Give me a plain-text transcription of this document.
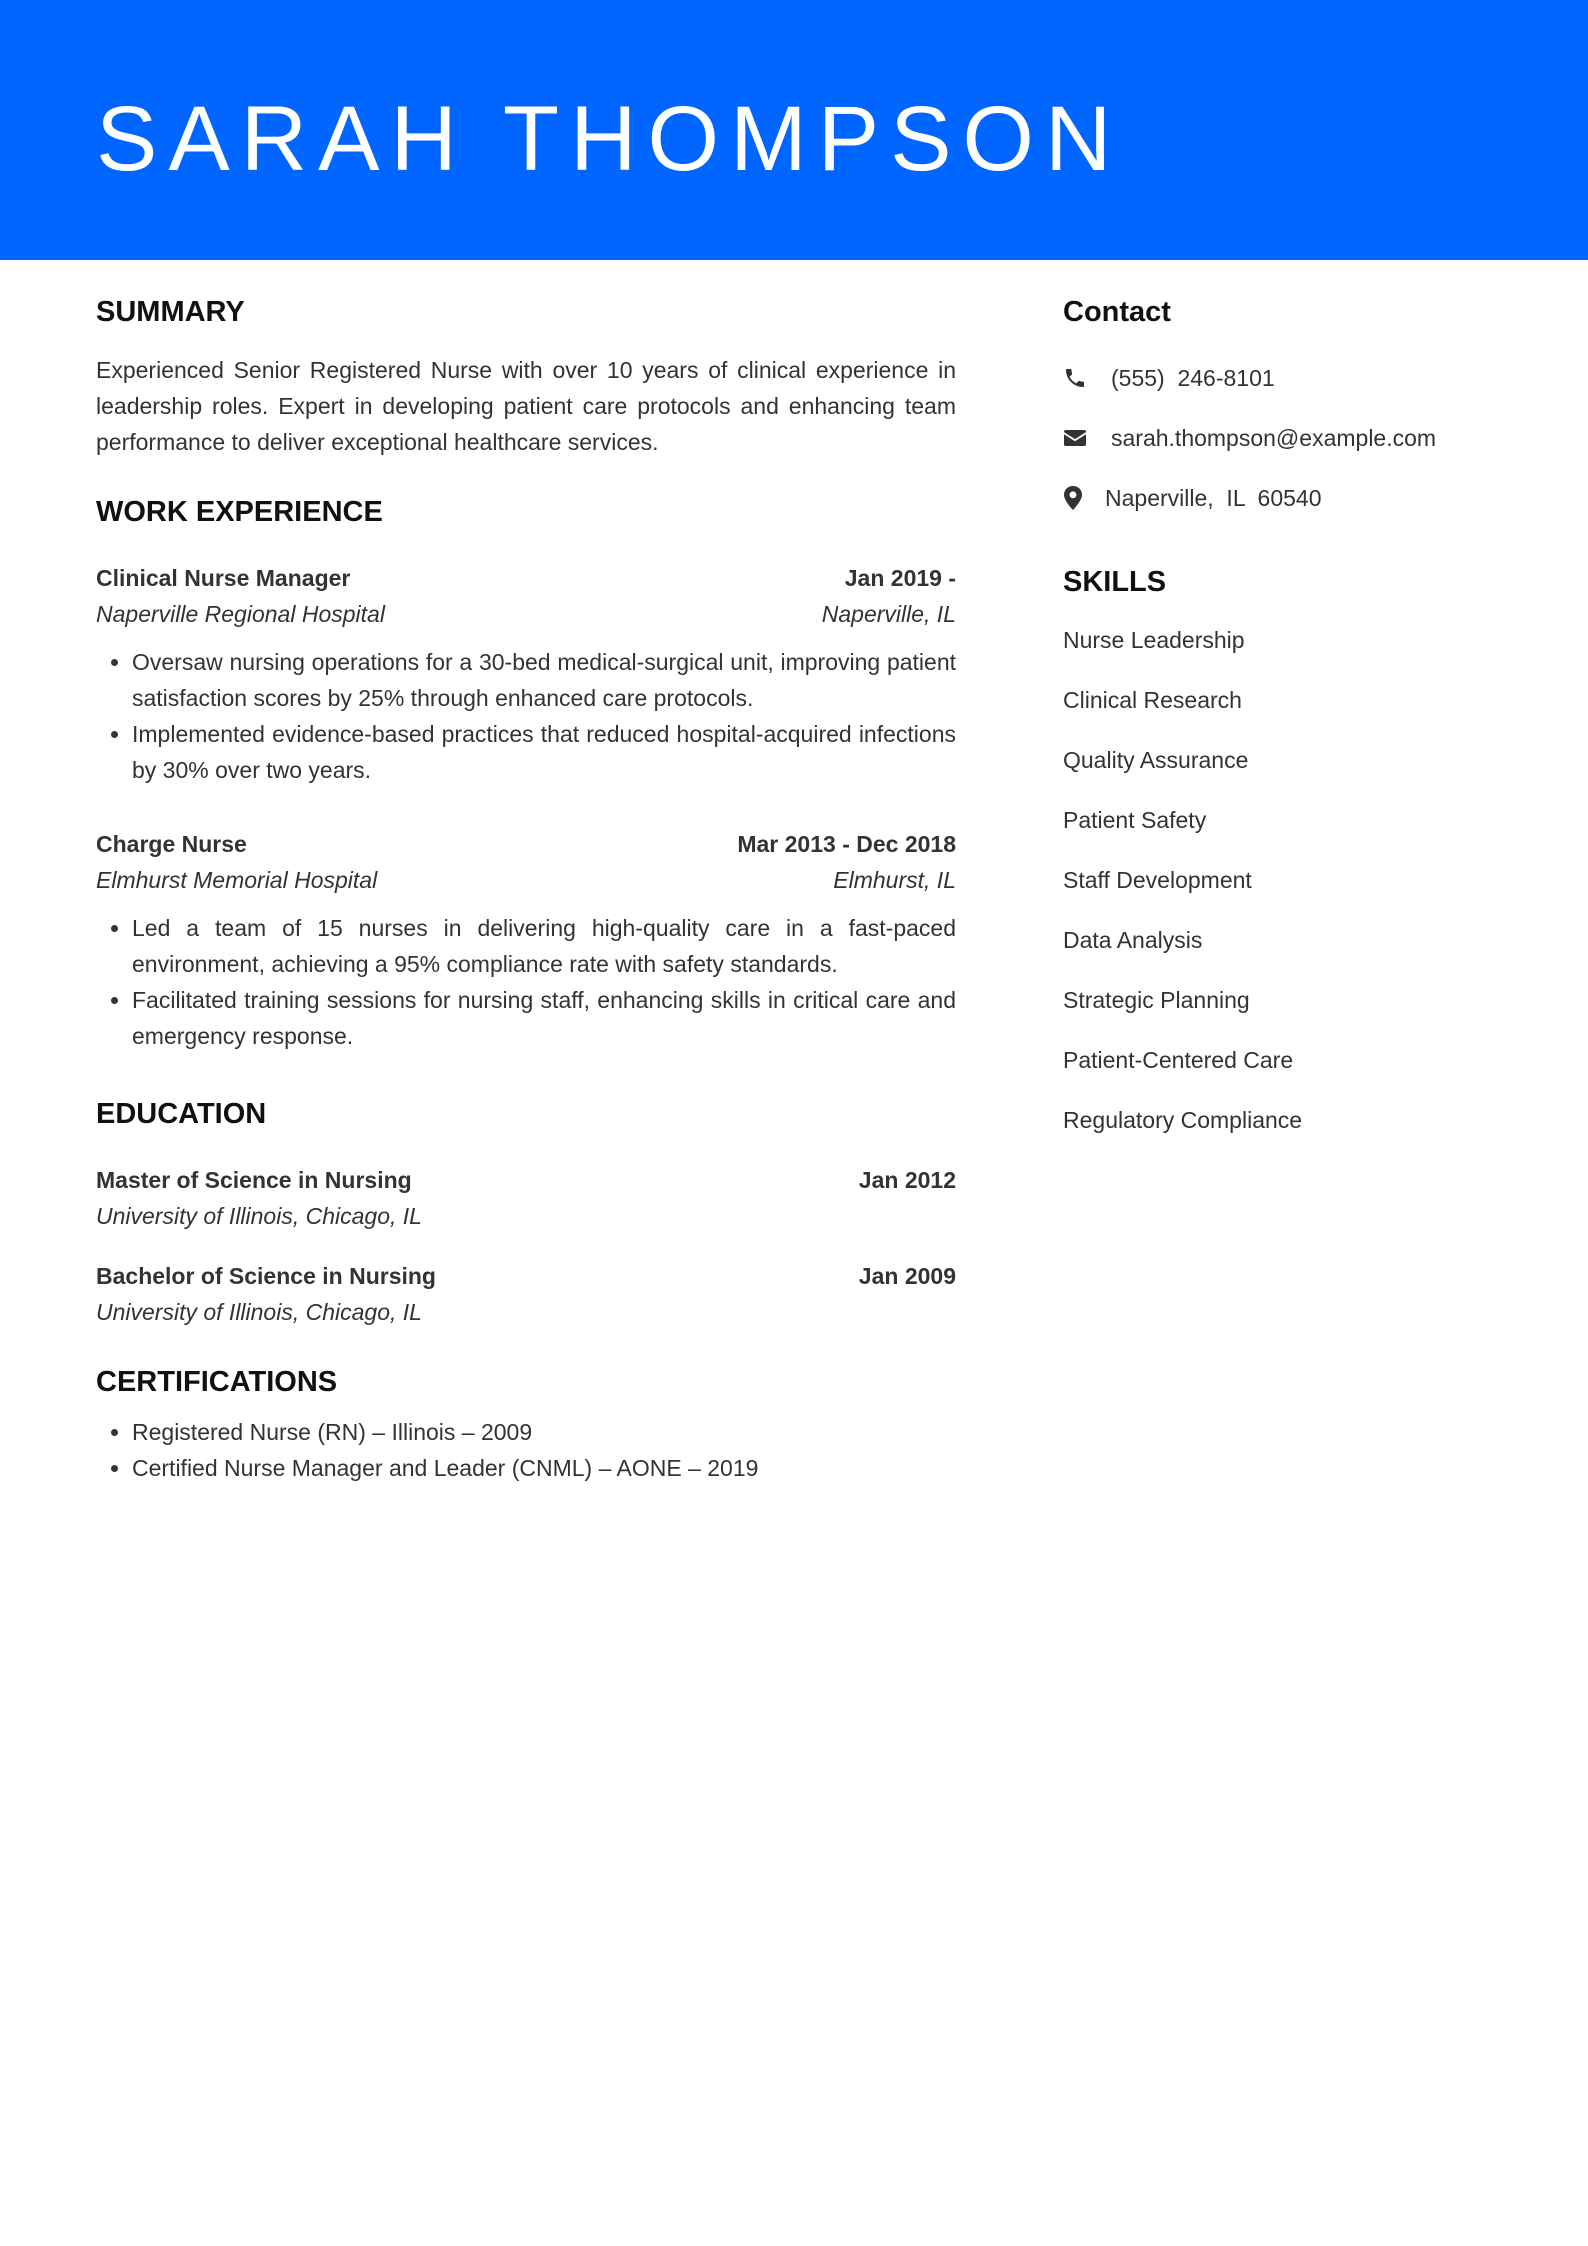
SARAH THOMPSON
SUMMARY

Experienced Senior Registered Nurse with over 10 years of clinical experience in leadership roles. Expert in developing patient care protocols and enhancing team performance to deliver exceptional healthcare services.

WORK EXPERIENCE
Clinical Nurse Manager	Jan 2019 -
Naperville Regional Hospital	Naperville, IL
• Oversaw nursing operations for a 30-bed medical-surgical unit, improving patient satisfaction scores by 25% through enhanced care protocols.
• Implemented evidence-based practices that reduced hospital-acquired infections by 30% over two years.
Charge Nurse	Mar 2013 - Dec 2018
Elmhurst Memorial Hospital	Elmhurst, IL
• Led a team of 15 nurses in delivering high-quality care in a fast-paced environment, achieving a 95% compliance rate with safety standards.
• Facilitated training sessions for nursing staff, enhancing skills in critical care and emergency response.
EDUCATION
Master of Science in Nursing	Jan 2012
University of Illinois, Chicago, IL
Bachelor of Science in Nursing	Jan 2009
University of Illinois, Chicago, IL
CERTIFICATIONS
• Registered Nurse (RN) – Illinois – 2009
• Certified Nurse Manager and Leader (CNML) – AONE – 2019
Contact
(555)  246-8101
sarah.thompson@example.com
Naperville,  IL  60540
SKILLS
Nurse Leadership
Clinical Research
Quality Assurance
Patient Safety
Staff Development
Data Analysis
Strategic Planning
Patient-Centered Care
Regulatory Compliance
